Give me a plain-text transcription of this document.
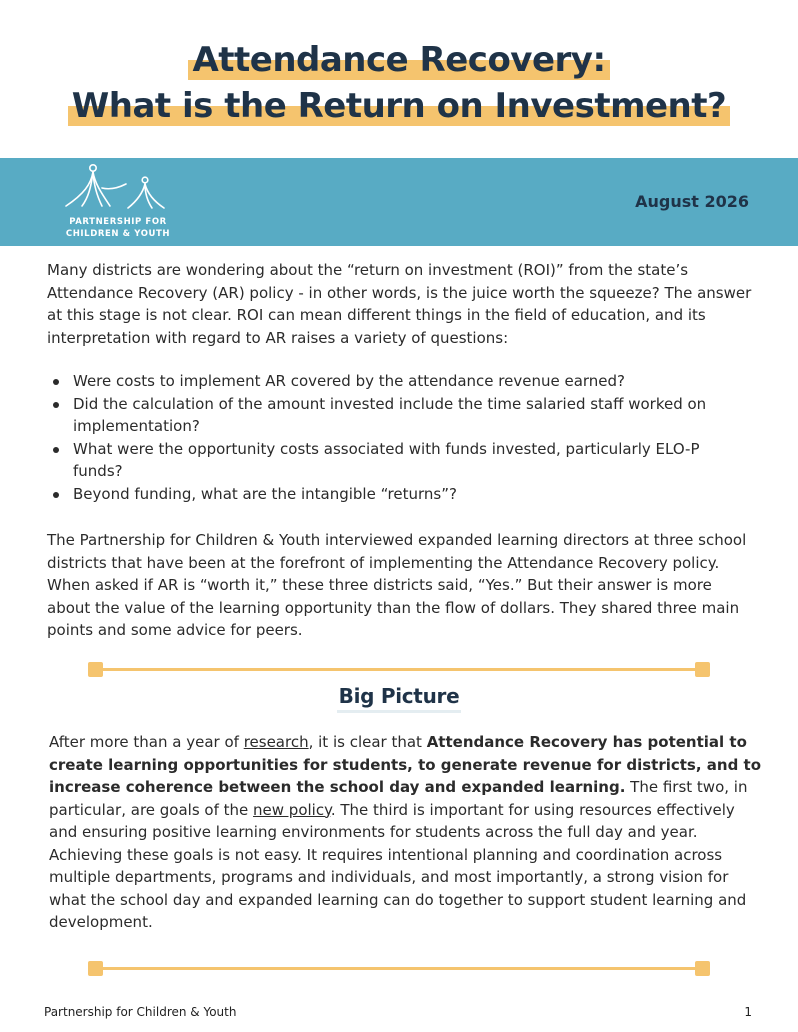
Attendance Recovery:
What is the Return on Investment?
PARTNERSHIP FOR
CHILDREN & YOUTH
August 2026
Many districts are wondering about the “return on investment (ROI)” from the state’s Attendance Recovery (AR) policy - in other words, is the juice worth the squeeze? The answer at this stage is not clear. ROI can mean different things in the field of education, and its interpretation with regard to AR raises a variety of questions:
Were costs to implement AR covered by the attendance revenue earned?
Did the calculation of the amount invested include the time salaried staff worked on implementation?
What were the opportunity costs associated with funds invested, particularly ELO-P funds?
Beyond funding, what are the intangible “returns”?
The Partnership for Children & Youth interviewed expanded learning directors at three school districts that have been at the forefront of implementing the Attendance Recovery policy. When asked if AR is “worth it,” these three districts said, “Yes.” But their answer is more about the value of the learning opportunity than the flow of dollars. They shared three main points and some advice for peers.
Big Picture
After more than a year of research, it is clear that Attendance Recovery has potential to create learning opportunities for students, to generate revenue for districts, and to increase coherence between the school day and expanded learning. The first two, in particular, are goals of the new policy. The third is important for using resources effectively and ensuring positive learning environments for students across the full day and year. Achieving these goals is not easy. It requires intentional planning and coordination across multiple departments, programs and individuals, and most importantly, a strong vision for what the school day and expanded learning can do together to support student learning and development.
Partnership for Children & Youth	1
